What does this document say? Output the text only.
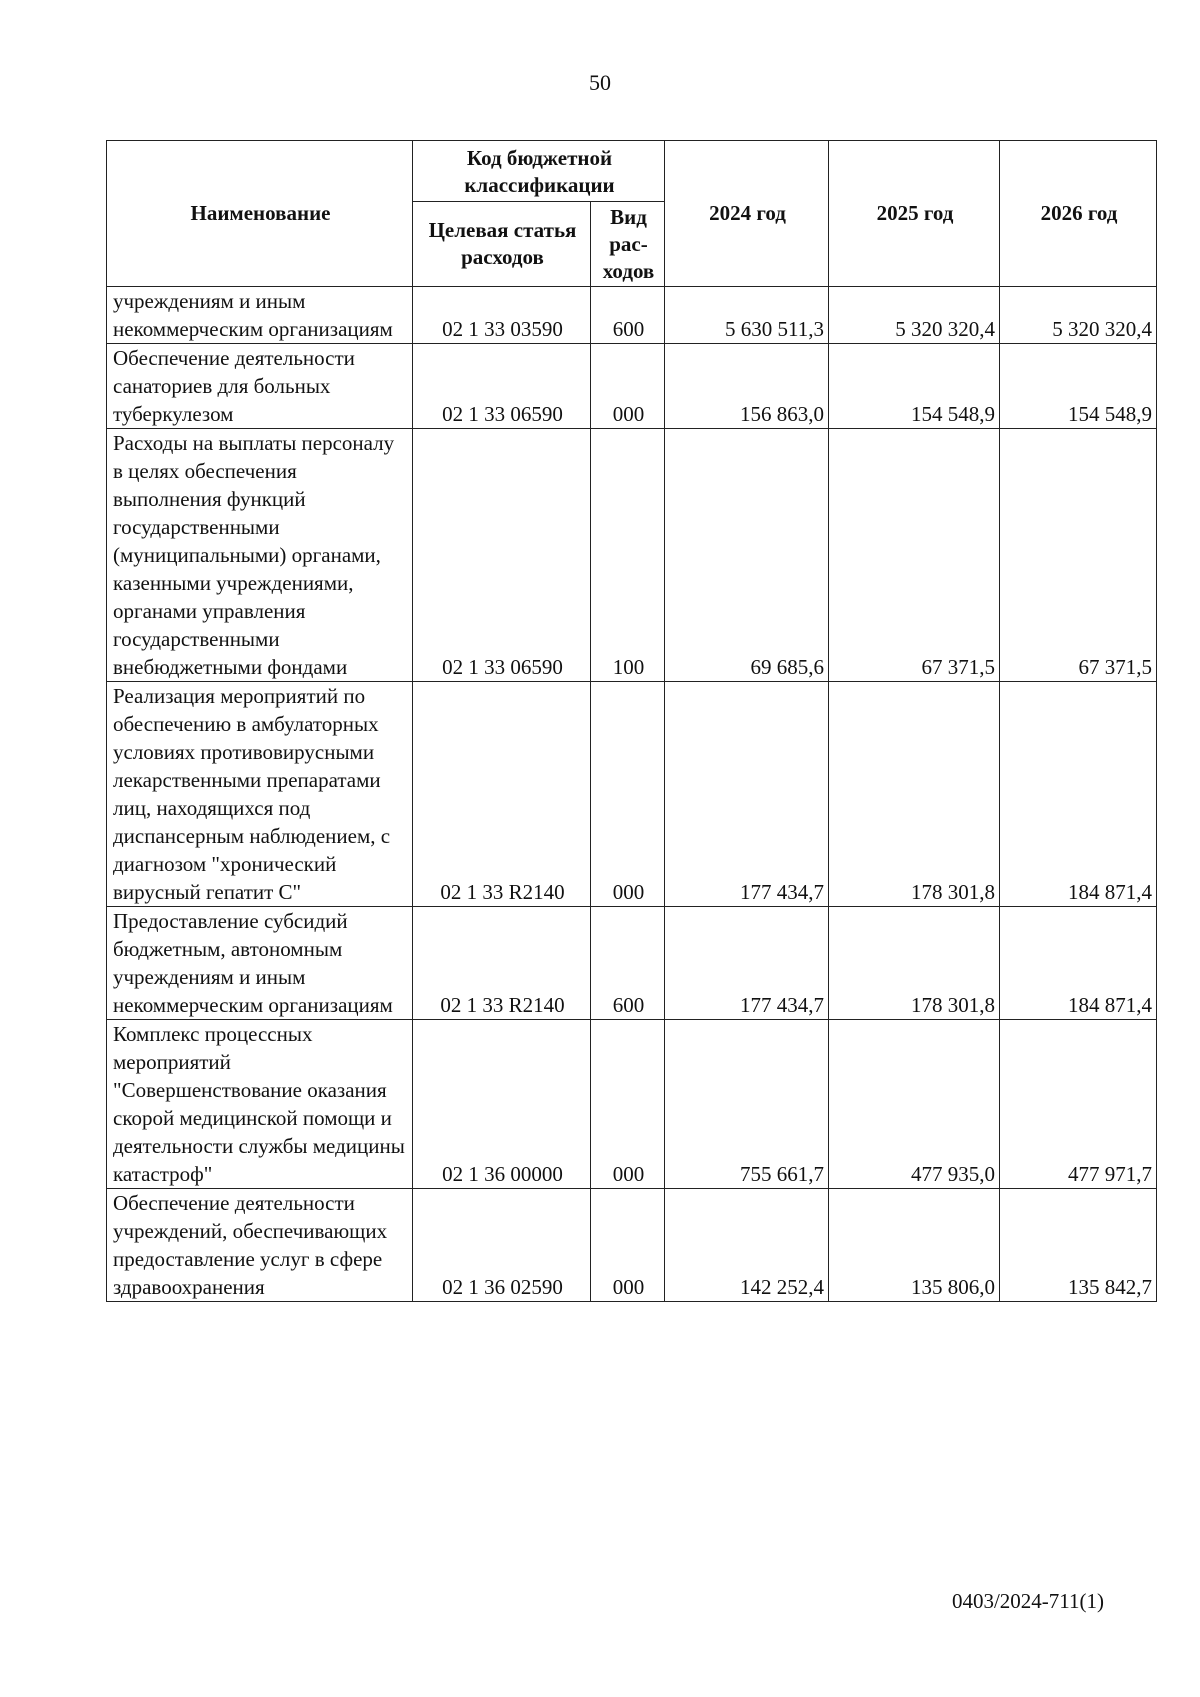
50
Наименование	Код бюджетной классификации		2024 год	2025 год	2026 год
	Целевая статья расходов	Вид рас-ходов			
учреждениям и иным некоммерческим организациям	02 1 33 03590	600	5 630 511,3	5 320 320,4	5 320 320,4
Обеспечение деятельности санаториев для больных туберкулезом	02 1 33 06590	000	156 863,0	154 548,9	154 548,9
Расходы на выплаты персоналу в целях обеспечения выполнения функций государственными (муниципальными) органами, казенными учреждениями, органами управления государственными внебюджетными фондами	02 1 33 06590	100	69 685,6	67 371,5	67 371,5
Реализация мероприятий по обеспечению в амбулаторных условиях противовирусными лекарственными препаратами лиц, находящихся под диспансерным наблюдением, с диагнозом "хронический вирусный гепатит С"	02 1 33 R2140	000	177 434,7	178 301,8	184 871,4
Предоставление субсидий бюджетным, автономным учреждениям и иным некоммерческим организациям	02 1 33 R2140	600	177 434,7	178 301,8	184 871,4
Комплекс процессных мероприятий "Совершенствование оказания скорой медицинской помощи и деятельности службы медицины катастроф"	02 1 36 00000	000	755 661,7	477 935,0	477 971,7
Обеспечение деятельности учреждений, обеспечивающих предоставление услуг в сфере здравоохранения	02 1 36 02590	000	142 252,4	135 806,0	135 842,7
0403/2024-711(1)
